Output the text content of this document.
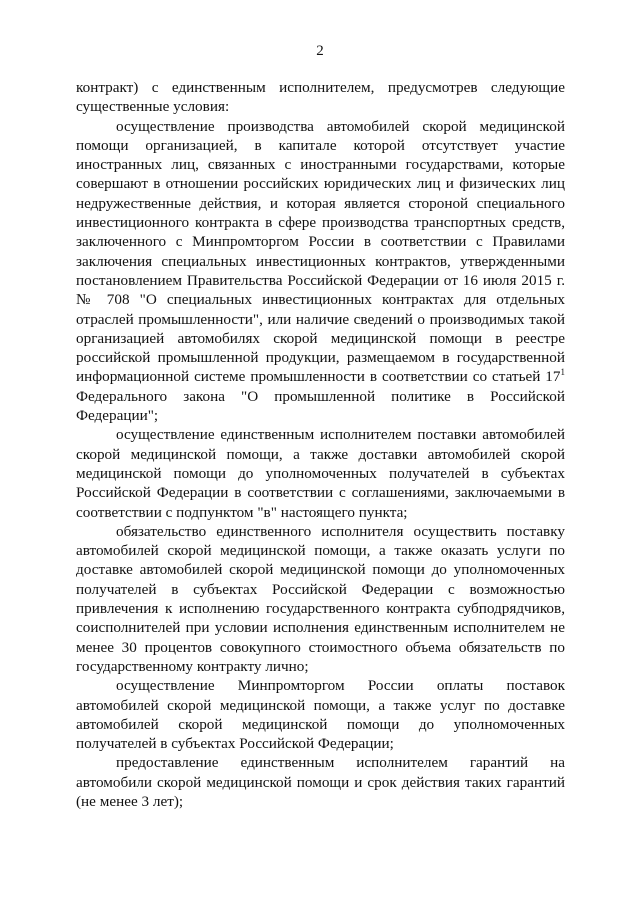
2

контракт) с единственным исполнителем, предусмотрев следующие существенные условия:

осуществление производства автомобилей скорой медицинской помощи организацией, в капитале которой отсутствует участие иностранных лиц, связанных с иностранными государствами, которые совершают в отношении российских юридических лиц и физических лиц недружественные действия, и которая является стороной специального инвестиционного контракта в сфере производства транспортных средств, заключенного с Минпромторгом России в соответствии с Правилами заключения специальных инвестиционных контрактов, утвержденными постановлением Правительства Российской Федерации от 16 июля 2015 г. № 708 "О специальных инвестиционных контрактах для отдельных отраслей промышленности", или наличие сведений о производимых такой организацией автомобилях скорой медицинской помощи в реестре российской промышленной продукции, размещаемом в государственной информационной системе промышленности в соответствии со статьей $17^1$ Федерального закона "О промышленной политике в Российской Федерации";

осуществление единственным исполнителем поставки автомобилей скорой медицинской помощи, а также доставки автомобилей скорой медицинской помощи до уполномоченных получателей в субъектах Российской Федерации в соответствии с соглашениями, заключаемыми в соответствии с подпунктом "в" настоящего пункта;

обязательство единственного исполнителя осуществить поставку автомобилей скорой медицинской помощи, а также оказать услуги по доставке автомобилей скорой медицинской помощи до уполномоченных получателей в субъектах Российской Федерации с возможностью привлечения к исполнению государственного контракта субподрядчиков, соисполнителей при условии исполнения единственным исполнителем не менее 30 процентов совокупного стоимостного объема обязательств по государственному контракту лично;

осуществление Минпромторгом России оплаты поставок автомобилей скорой медицинской помощи, а также услуг по доставке автомобилей скорой медицинской помощи до уполномоченных получателей в субъектах Российской Федерации;

предоставление единственным исполнителем гарантий на автомобили скорой медицинской помощи и срок действия таких гарантий (не менее 3 лет);
